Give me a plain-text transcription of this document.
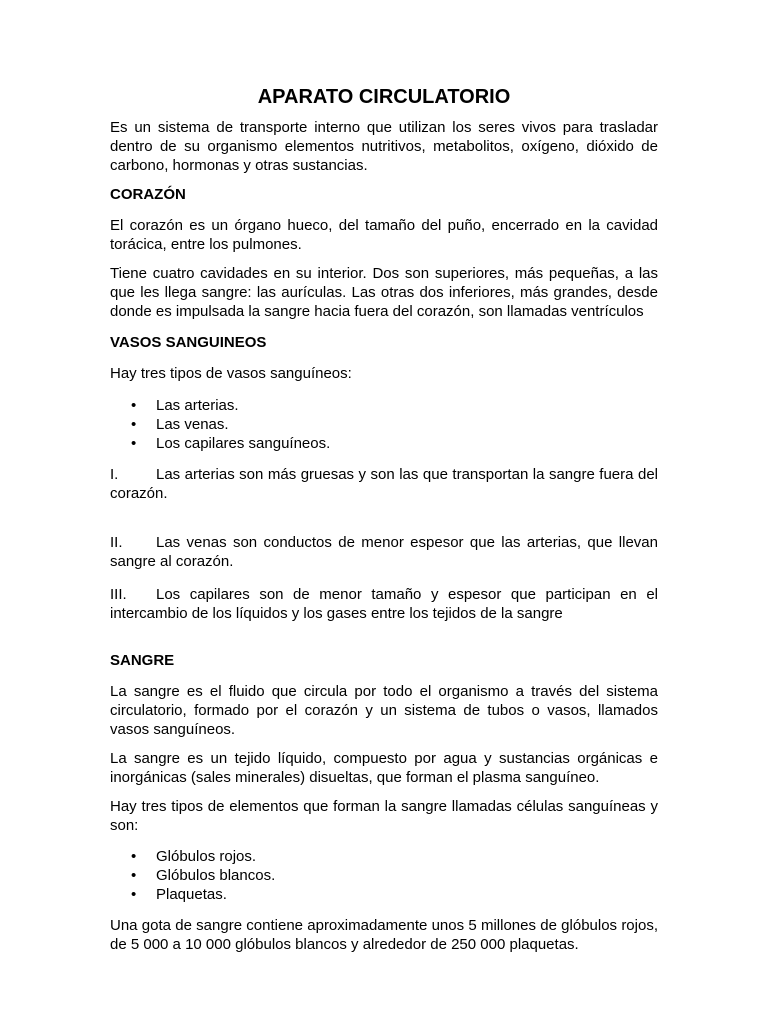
APARATO CIRCULATORIO

Es un sistema de transporte interno que utilizan los seres vivos para trasladar dentro de su organismo elementos nutritivos, metabolitos, oxígeno, dióxido de carbono, hormonas y otras sustancias.

CORAZÓN

El corazón es un órgano hueco, del tamaño del puño, encerrado en la cavidad torácica, entre los pulmones.

Tiene cuatro cavidades en su interior. Dos son superiores, más pequeñas, a las que les llega sangre: las aurículas. Las otras dos inferiores, más grandes, desde donde es impulsada la sangre hacia fuera del corazón, son llamadas ventrículos

VASOS SANGUINEOS

Hay tres tipos de vasos sanguíneos:

• Las arterias.
• Las venas.
• Los capilares sanguíneos.

I.	Las arterias son más gruesas y son las que transportan la sangre fuera del corazón.

II. Las venas son conductos de menor espesor que las arterias, que llevan sangre al corazón.

III. Los capilares son de menor tamaño y espesor que participan en el intercambio de los líquidos y los gases entre los tejidos de la sangre

SANGRE

La sangre es el fluido que circula por todo el organismo a través del sistema circulatorio, formado por el corazón y un sistema de tubos o vasos, llamados vasos sanguíneos.

La sangre es un tejido líquido, compuesto por agua y sustancias orgánicas e inorgánicas (sales minerales) disueltas, que forman el plasma sanguíneo.

Hay tres tipos de elementos que forman la sangre llamadas células sanguíneas y son:

• Glóbulos rojos.
• Glóbulos blancos.
• Plaquetas.

Una gota de sangre contiene aproximadamente unos 5 millones de glóbulos rojos, de 5 000 a 10 000 glóbulos blancos y alrededor de 250 000 plaquetas.
